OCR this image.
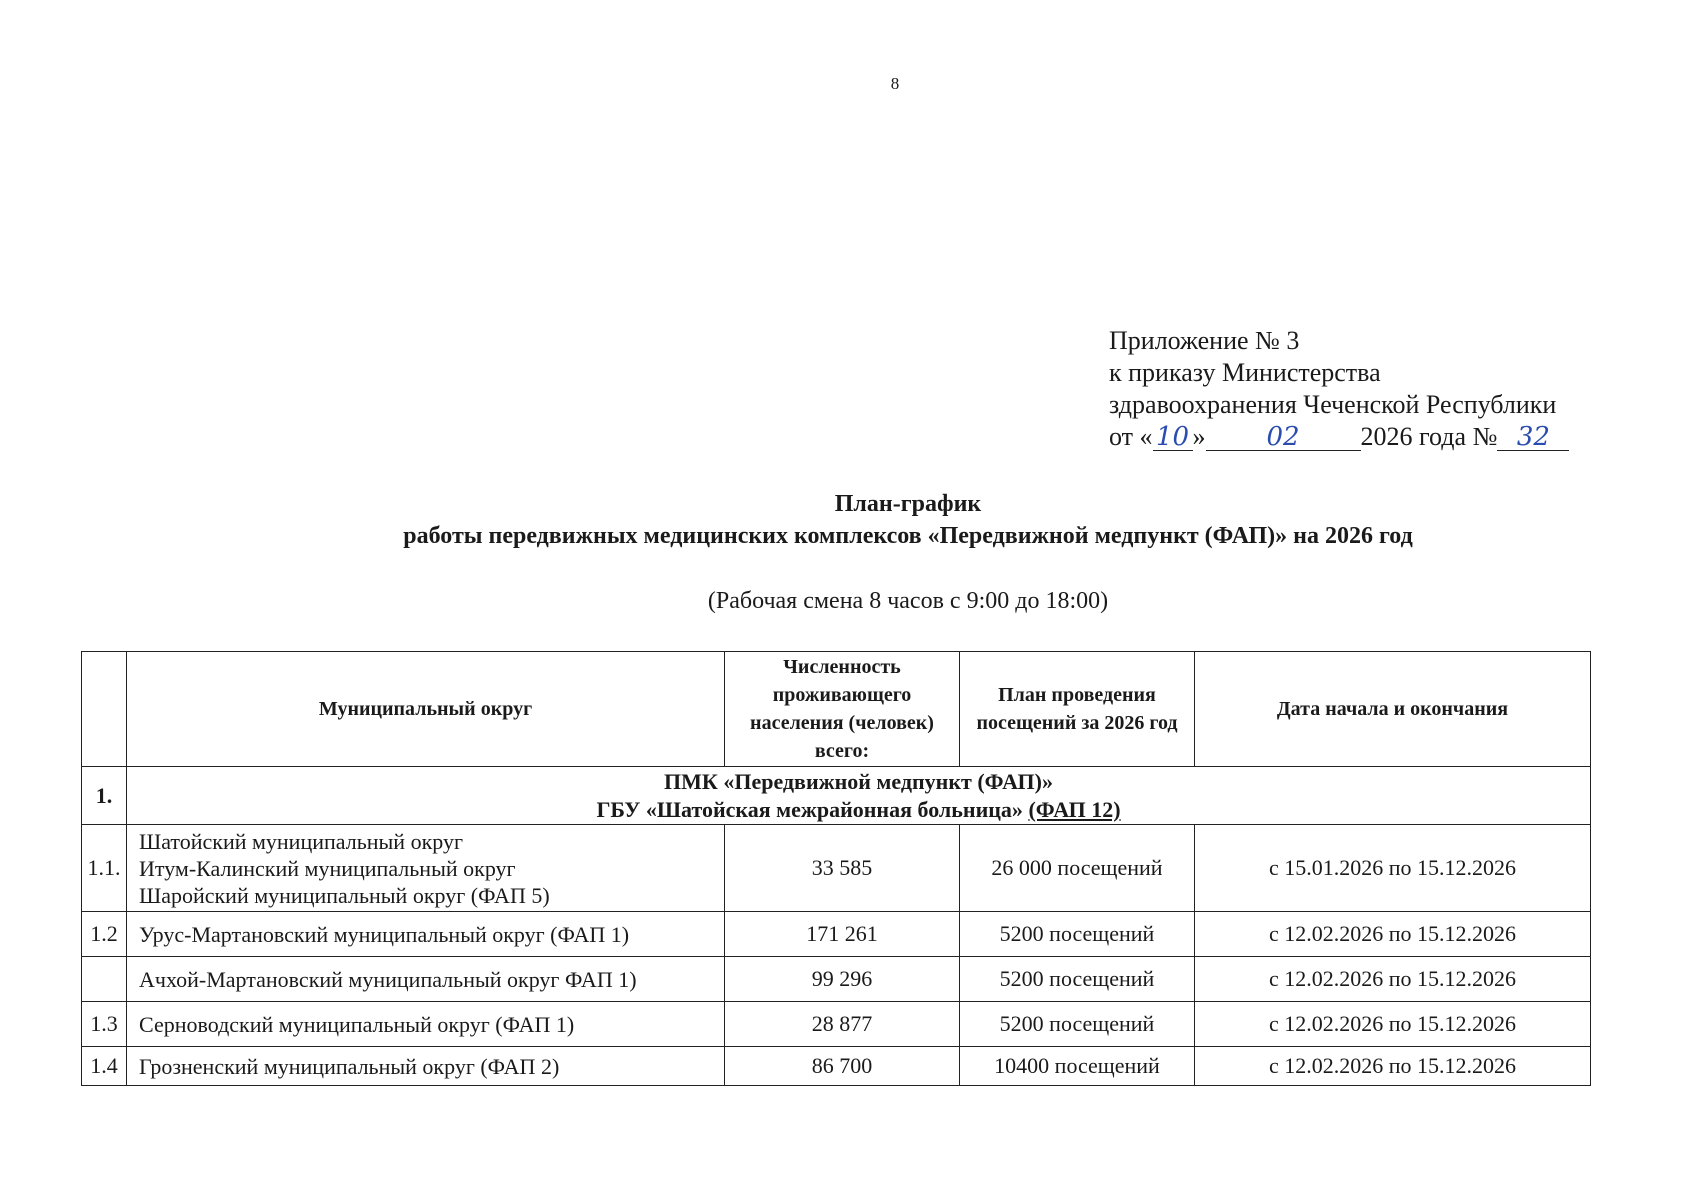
8
Приложение № 3
к приказу Министерства
здравоохранения Чеченской Республики
от « 10 » 02 2026 года № 32
План-график
работы передвижных медицинских комплексов «Передвижной медпункт (ФАП)» на 2026 год
(Рабочая смена 8 часов с 9:00 до 18:00)
	Муниципальный округ	Численность проживающего населения (человек) всего:	План проведения посещений за 2026 год	Дата начала и окончания
1.	ПМК «Передвижной медпункт (ФАП)»
ГБУ «Шатойская межрайонная больница» (ФАП 12)			

1.1.	Шатойский муниципальный округ
Итум-Калинский муниципальный округ
Шаройский муниципальный округ (ФАП 5)	33 585	26 000 посещений	с 15.01.2026 по 15.12.2026
1.2	Урус-Мартановский муниципальный округ (ФАП 1)	171 261	5200 посещений	с 12.02.2026 по 15.12.2026
	Ачхой-Мартановский муниципальный округ ФАП 1)	99 296	5200 посещений	с 12.02.2026 по 15.12.2026
1.3	Серноводский муниципальный округ (ФАП 1)	28 877	5200 посещений	с 12.02.2026 по 15.12.2026
1.4	Грозненский муниципальный округ (ФАП 2)	86 700	10400 посещений	с 12.02.2026 по 15.12.2026
